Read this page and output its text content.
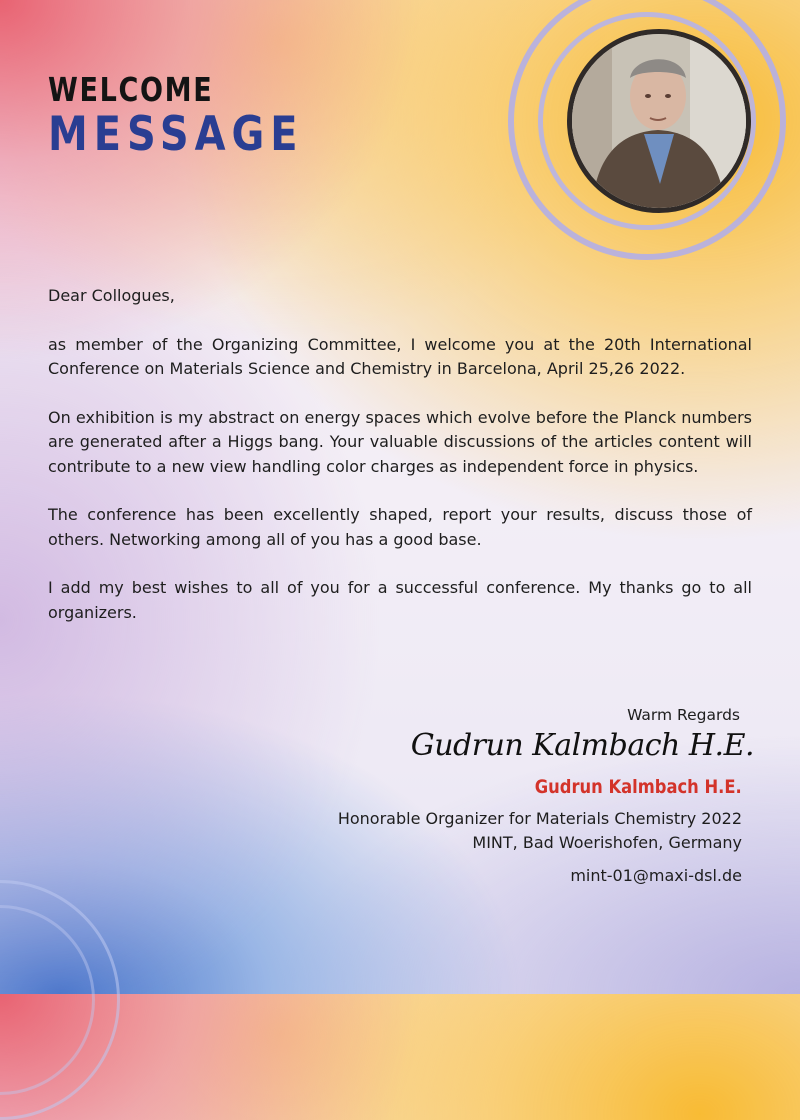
WELCOME
MESSAGE

Dear Collogues,

as member of the Organizing Committee, I welcome you at the 20th International Conference on Materials Science and Chemistry in Barcelona, April 25,26 2022.

On exhibition is my abstract on energy spaces which evolve before the Planck numbers are generated after a Higgs bang. Your valuable discussions of the articles content will contribute to a new view handling color charges as independent force in physics.

The conference has been excellently shaped, report your results, discuss those of others. Networking among all of you has a good base.

I add my best wishes to all of you for a successful conference. My thanks go to all organizers.

Warm Regards
Gudrun Kalmbach H.E.
Gudrun Kalmbach H.E.
Honorable Organizer for Materials Chemistry 2022
MINT, Bad Woerishofen, Germany
mint-01@maxi-dsl.de
